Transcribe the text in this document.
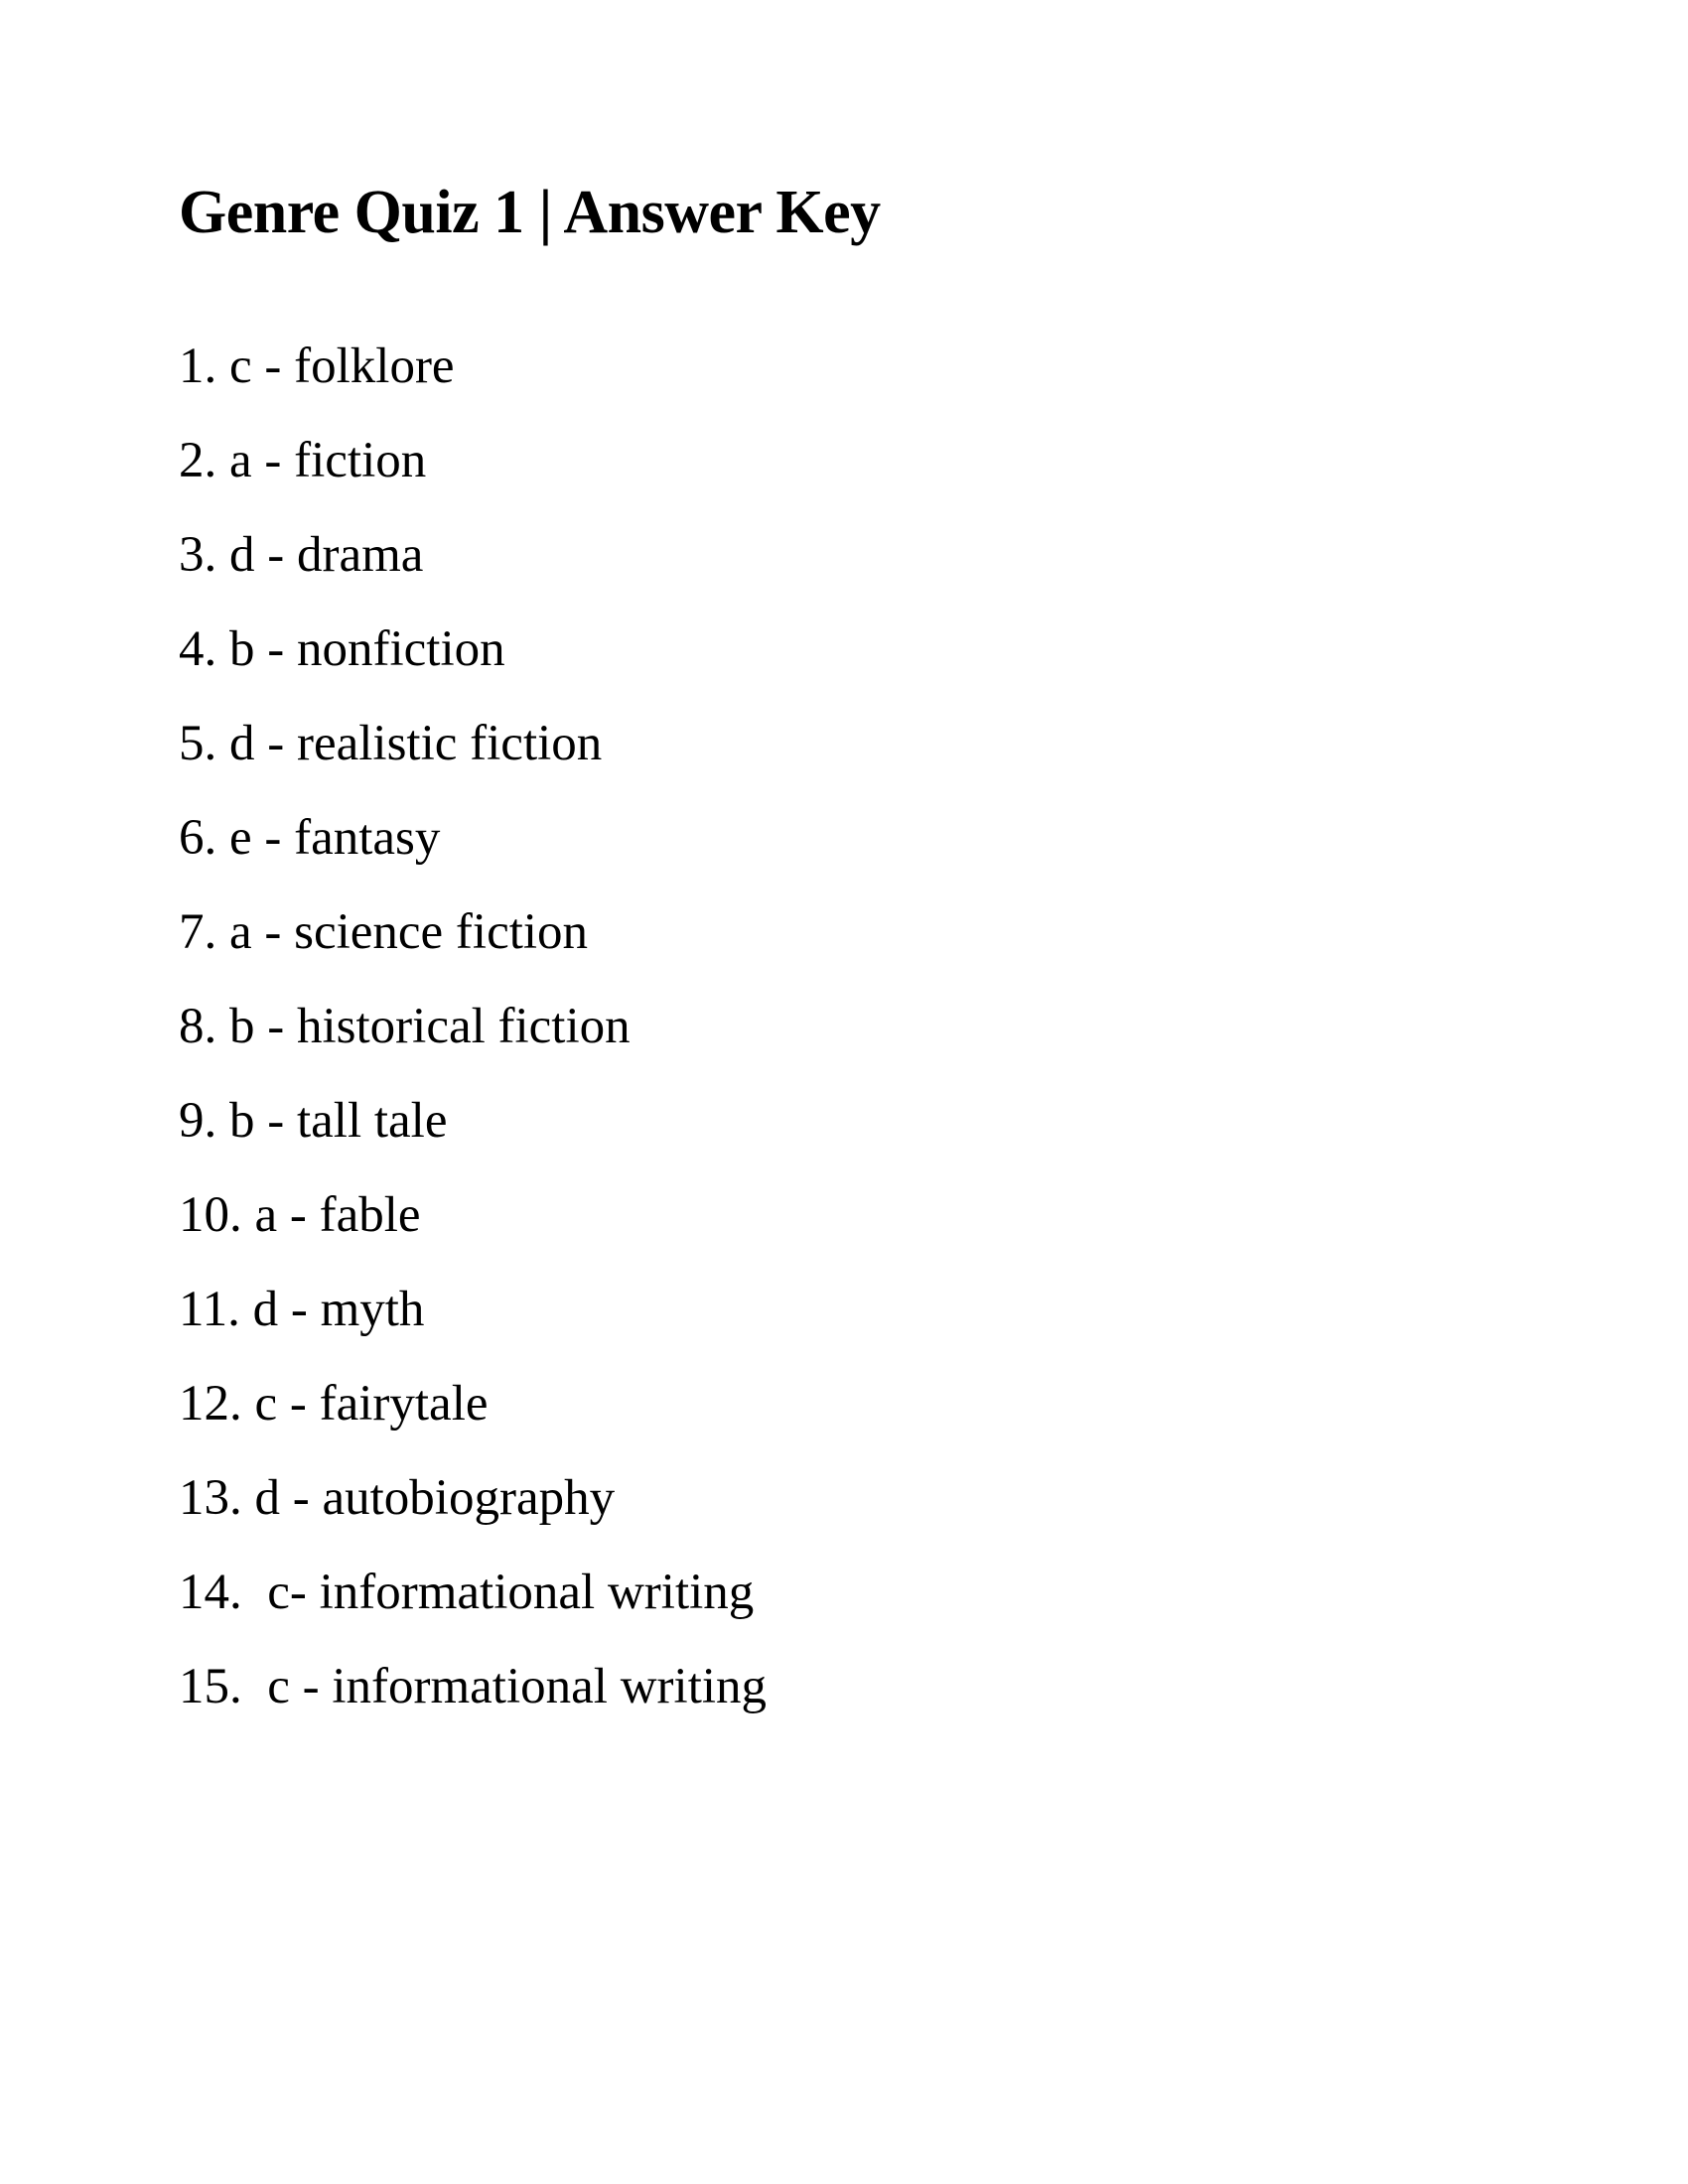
Genre Quiz 1 | Answer Key
1. c - folklore
2. a - fiction
3. d - drama
4. b - nonfiction
5. d - realistic fiction
6. e - fantasy
7. a - science fiction
8. b - historical fiction
9. b - tall tale
10. a - fable
11. d - myth
12. c - fairytale
13. d - autobiography
14.  c- informational writing
15.  c - informational writing
